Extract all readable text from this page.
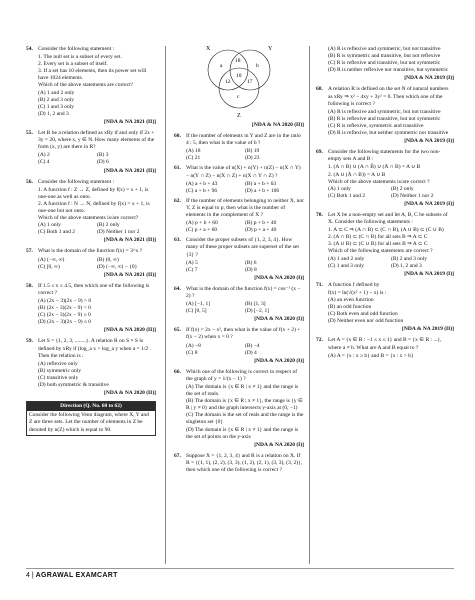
54. Consider the following statement :
1. The null set is a subset of every set.
2. Every set is a subset of itself.
3. If a set has 10 elements, then its power set will have 1024 elements.
Which of the above statements are correct?
(A) 1 and 2 only
(B) 2 and 3 only
(C) 1 and 3 only
(D) 1, 2 and 3
[NDA & NA 2021 (II)]
55. Let R be a relation defined as xRy if and only if 2x + 3y = 20, where x, y ∈ N. How many elements of the form (x, y) are there in R?
(A) 2	(B) 3
(C) 4	(D) 6
[NDA & NA 2021 (II)]
56. Consider the following statement :
1. A function f : Z → Z, defined by f(x) = x + 1, is one-one as well as onto.
2. A function f : N → N, defined by f(x) = x + 1, is one-one but not onto.
Which of the above statements is/are correct?
(A) 1 only	(B) 2 only
(C) Both 1 and 2	(D) Neither 1 nor 2
[NDA & NA 2021 (II)]
57. What is the domain of the function f(x) = 3^x ?
(A) (−∞, ∞)	(B) (0, ∞)
(C) [0, ∞)	(D) (−∞, ∞) − {0}
[NDA & NA 2021 (II)]
58. If 1.5 ≤ x ≤ 4.5, then which one of the following is correct ?
(A) (2x − 3)(2x − 9) > 0
(B) (2x − 3)(2x − 9) < 0
(C) (2x − 3)(2x − 9) ≥ 0
(D) (2x − 3)(2x − 9) ≤ 0
[NDA & NA 2020 (II)]
59. Let S = {1, 2, 3, ........}. A relation R on S × S is defined by xRy if (log_a x > log_a y when a = 1/2 . Then the relation is :
(A) reflexive only
(B) symmetric only
(C) transitive only
(D) both symmetric & transitive
[NDA & NA 2020 (II)]
Direction (Q. No. 60 to 62)
Consider the following Venn diagram, where X, Y and Z are three sets. Let the number of elements in Z be denoted by n(Z) which is equal to 90.
X	Y
Z
a
18
b
10
12	17
c
[NDA & NA 2020 (II)]
60. If the number of elements in Y and Z are in the ratio 4 : 5, then what is the value of b ?
(A) 18	(B) 19
(C) 21	(D) 23
61. What is the value of n(X) + n(Y) + n(Z) − n(X ∩ Y) − n(Y ∩ Z) − n(X ∩ Z) + n(X ∩ Y ∩ Z) ?
(A) a + b + 43	(B) a + b + 63
(C) a + b + 96	(D) a + b + 106
62. If the number of elements belonging to neither X, nor Y, Z is equal to p, then what is the number of elements in the complement of X ?
(A) p + b + 60	(B) p + b + 40
(C) p + a + 60	(D) p + a + 40
63. Consider the proper subsets of {1, 2, 3, 4}. How many of these proper subsets are superset of the set {3} ?
(A) 5	(B) 6
(C) 7	(D) 8
[NDA & NA 2020 (I)]
64. What is the domain of the function f(x) = cos⁻¹ (x − 2) ?
(A) [−1, 1]	(B) [1, 3]
(C) [0, 5]	(D) [−2, 1]
[NDA & NA 2020 (I)]
65. If f(x) = 2x − x², then what is the value of f(x + 2) + f(x − 2) when x = 0 ?
(A) −8	(B) −4
(C) 8	(D) 4
[NDA & NA 2020 (I)]
66. Which one of the following is correct in respect of the graph of y = 1/(x − 1) ?
(A) The domain is {x ∈ R | x ≠ 1} and the range is the set of reals.
(B) The domain is {x ∈ R | x ≠ 1}, the range is {y ∈ R | y ≠ 0} and the graph intersects y-axis at (0, −1)
(C) The domain is the set of reals and the range is the singleton set {0}
(D) The domain is {x ∈ R | x ≠ 1} and the range is the set of points on the y-axis
[NDA & NA 2020 (I)]
67. Suppose X = {1, 2, 3, 4} and R is a relation on X. If R = {(1, 1), (2, 2), (3, 3), (1, 2), (2, 1), (3, 3), (3, 2)}, then which one of the following is correct ?
(A) R is reflexive and symmetric, but not transitive
(B) R is symmetric and transitive, but not reflexive
(C) R is reflexive and transitive, but not symmetric
(D) R is neither reflexive nor transitive, but symmetric
[NDA & NA 2019 (I)]
68. A relation R is defined on the set N of natural numbers as xRy ⇒ x² − 4xy + 3y² = 0. Then which one of the following is correct ?
(A) R is reflexive and symmetric, but not transitive
(B) R is reflexive and transitive, but not symmetric
(C) R is reflexive, symmetric and transitive
(D) R is reflexive, but neither symmetric nor transitive
[NDA & NA 2019 (I)]
69. Consider the following statements for the two non-empty sets A and B :
1. (A ∩ B) ∪ (A ∩ B̄) ∪ (Ā ∩ B) = A ∪ B
2. (A ∪ (Ā ∩ B)) = A ∪ B
Which of the above statements is/are correct ?
(A) 1 only	(B) 2 only
(C) Both 1 and 2	(D) Neither 1 nor 2
[NDA & NA 2019 (I)]
70. Let X be a non-empty set and let A, B, C be subsets of X. Consider the following statements :
1. A ⊂ C ⇒ (A ∩ B) ⊂ (C ∩ B), (A ∪ B) ⊂ (C ∪ B)
2. (A ∩ B) ⊂ (C ∩ B) for all sets B ⇒ A ⊂ C
3. (A ∪ B) ⊂ (C ∪ B) for all sets B ⇒ A ⊂ C
Which of the following statements are correct ?
(A) 1 and 2 only	(B) 2 and 3 only
(C) 1 and 3 only	(D) 1, 2 and 3
[NDA & NA 2019 (I)]
71. A function f defined by
f(x) = ln(√(x² + 1) − x) is :
(A) an even function
(B) an odd function
(C) Both even and odd function
(D) Neither even nor odd function
[NDA & NA 2019 (II)]
72. Let A = {x ∈ R : −1 ≤ x ≤ 1} and B = {x ∈ R : ...}, where a ≠ b. What are A and B equal to ?
(A) A = {x : x ≥ b} and B = {x : x > b}
4 | AGRAWAL EXAMCART
